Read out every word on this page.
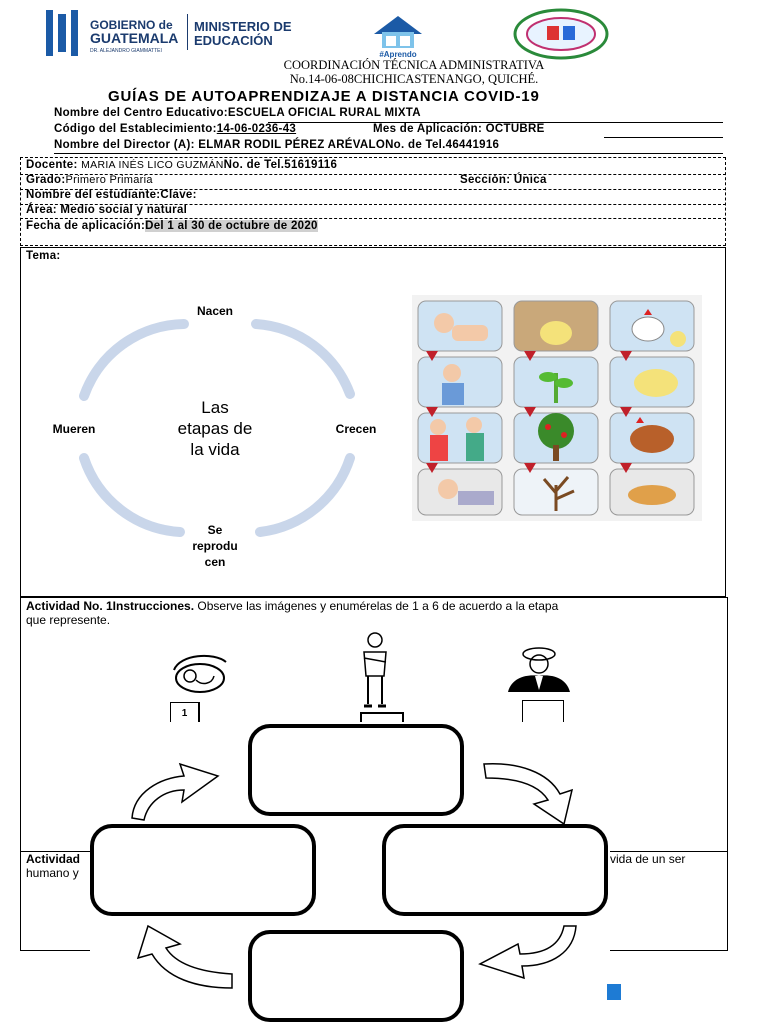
GOBIERNO de
GUATEMALA
DR. ALEJANDRO GIAMMATTEI
MINISTERIO DE
EDUCACIÓN
#Aprendo
COORDINACIÓN TÉCNICA ADMINISTRATIVA
No.14-06-08CHICHICASTENANGO, QUICHÉ.
GUÍAS DE AUTOAPRENDIZAJE A DISTANCIA COVID-19
Nombre del Centro Educativo:ESCUELA OFICIAL RURAL MIXTA
Código del Establecimiento:14-06-0236-43	Mes de Aplicación: OCTUBRE
Nombre del Director (A): ELMAR RODIL PÉREZ ARÉVALONo. de Tel.46441916
Docente: MARIA INÉS LICO GUZMÁNNo. de Tel.51619116
Grado:Primero Primaria	Sección: Única
Nombre del estudiante:Clave:
Área: Medio social y natural
Fecha de aplicación:Del 1 al 30 de octubre de 2020
Tema:
Nacen
Crecen
Mueren
Se
reprodu
cen
Las
etapas de
la vida
Actividad No. 1Instrucciones. Observe las imágenes y enumérelas de 1 a 6 de acuerdo a la etapa
que represente.
1
Actividad
humano y
vida de un ser
